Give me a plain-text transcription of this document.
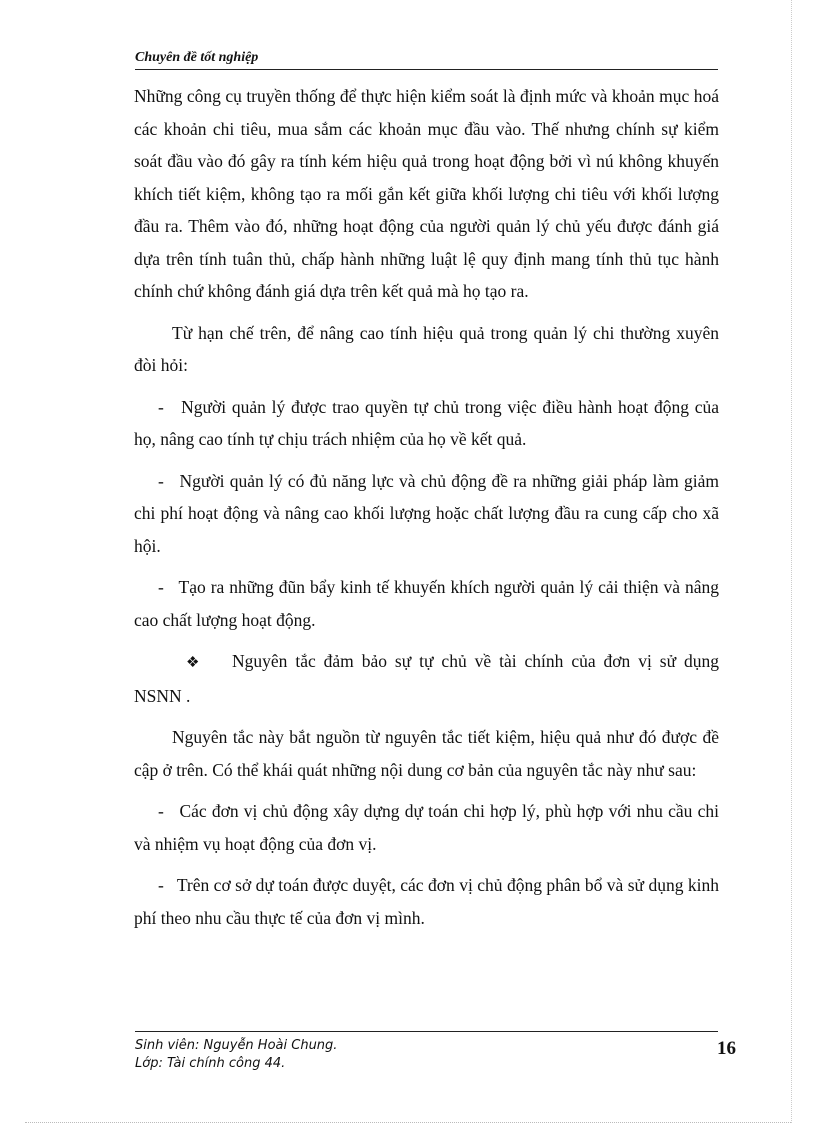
Chuyên đề tốt nghiệp

Những công cụ truyền thống để thực hiện kiểm soát là định mức và khoản mục hoá các khoản chi tiêu, mua sắm các khoản mục đầu vào. Thế nhưng chính sự kiểm soát đầu vào đó gây ra tính kém hiệu quả trong hoạt động bởi vì nú không khuyến khích tiết kiệm, không tạo ra mối gắn kết giữa khối lượng chi tiêu với khối lượng đầu ra. Thêm vào đó, những hoạt động của người quản lý chủ yếu được đánh giá dựa trên tính tuân thủ, chấp hành những luật lệ quy định mang tính thủ tục hành chính chứ không đánh giá dựa trên kết quả mà họ tạo ra.

Từ hạn chế trên, để nâng cao tính hiệu quả trong quản lý chi thường xuyên đòi hỏi:

- Người quản lý được trao quyền tự chủ trong việc điều hành hoạt động của họ, nâng cao tính tự chịu trách nhiệm của họ về kết quả.

- Người quản lý có đủ năng lực và chủ động đề ra những giải pháp làm giảm chi phí hoạt động và nâng cao khối lượng hoặc chất lượng đầu ra cung cấp cho xã hội.

- Tạo ra những đũn bẩy kinh tế khuyến khích người quản lý cải thiện và nâng cao chất lượng hoạt động.

❖ Nguyên tắc đảm bảo sự tự chủ về tài chính của đơn vị sử dụng NSNN .

Nguyên tắc này bắt nguồn từ nguyên tắc tiết kiệm, hiệu quả như đó được đề cập ở trên. Có thể khái quát những nội dung cơ bản của nguyên tắc này như sau:

- Các đơn vị chủ động xây dựng dự toán chi hợp lý, phù hợp với nhu cầu chi và nhiệm vụ hoạt động của đơn vị.

- Trên cơ sở dự toán được duyệt, các đơn vị chủ động phân bổ và sử dụng kinh phí theo nhu cầu thực tế của đơn vị mình.

Sinh viên: Nguyễn Hoài Chung.
Lớp: Tài chính công 44.
16
